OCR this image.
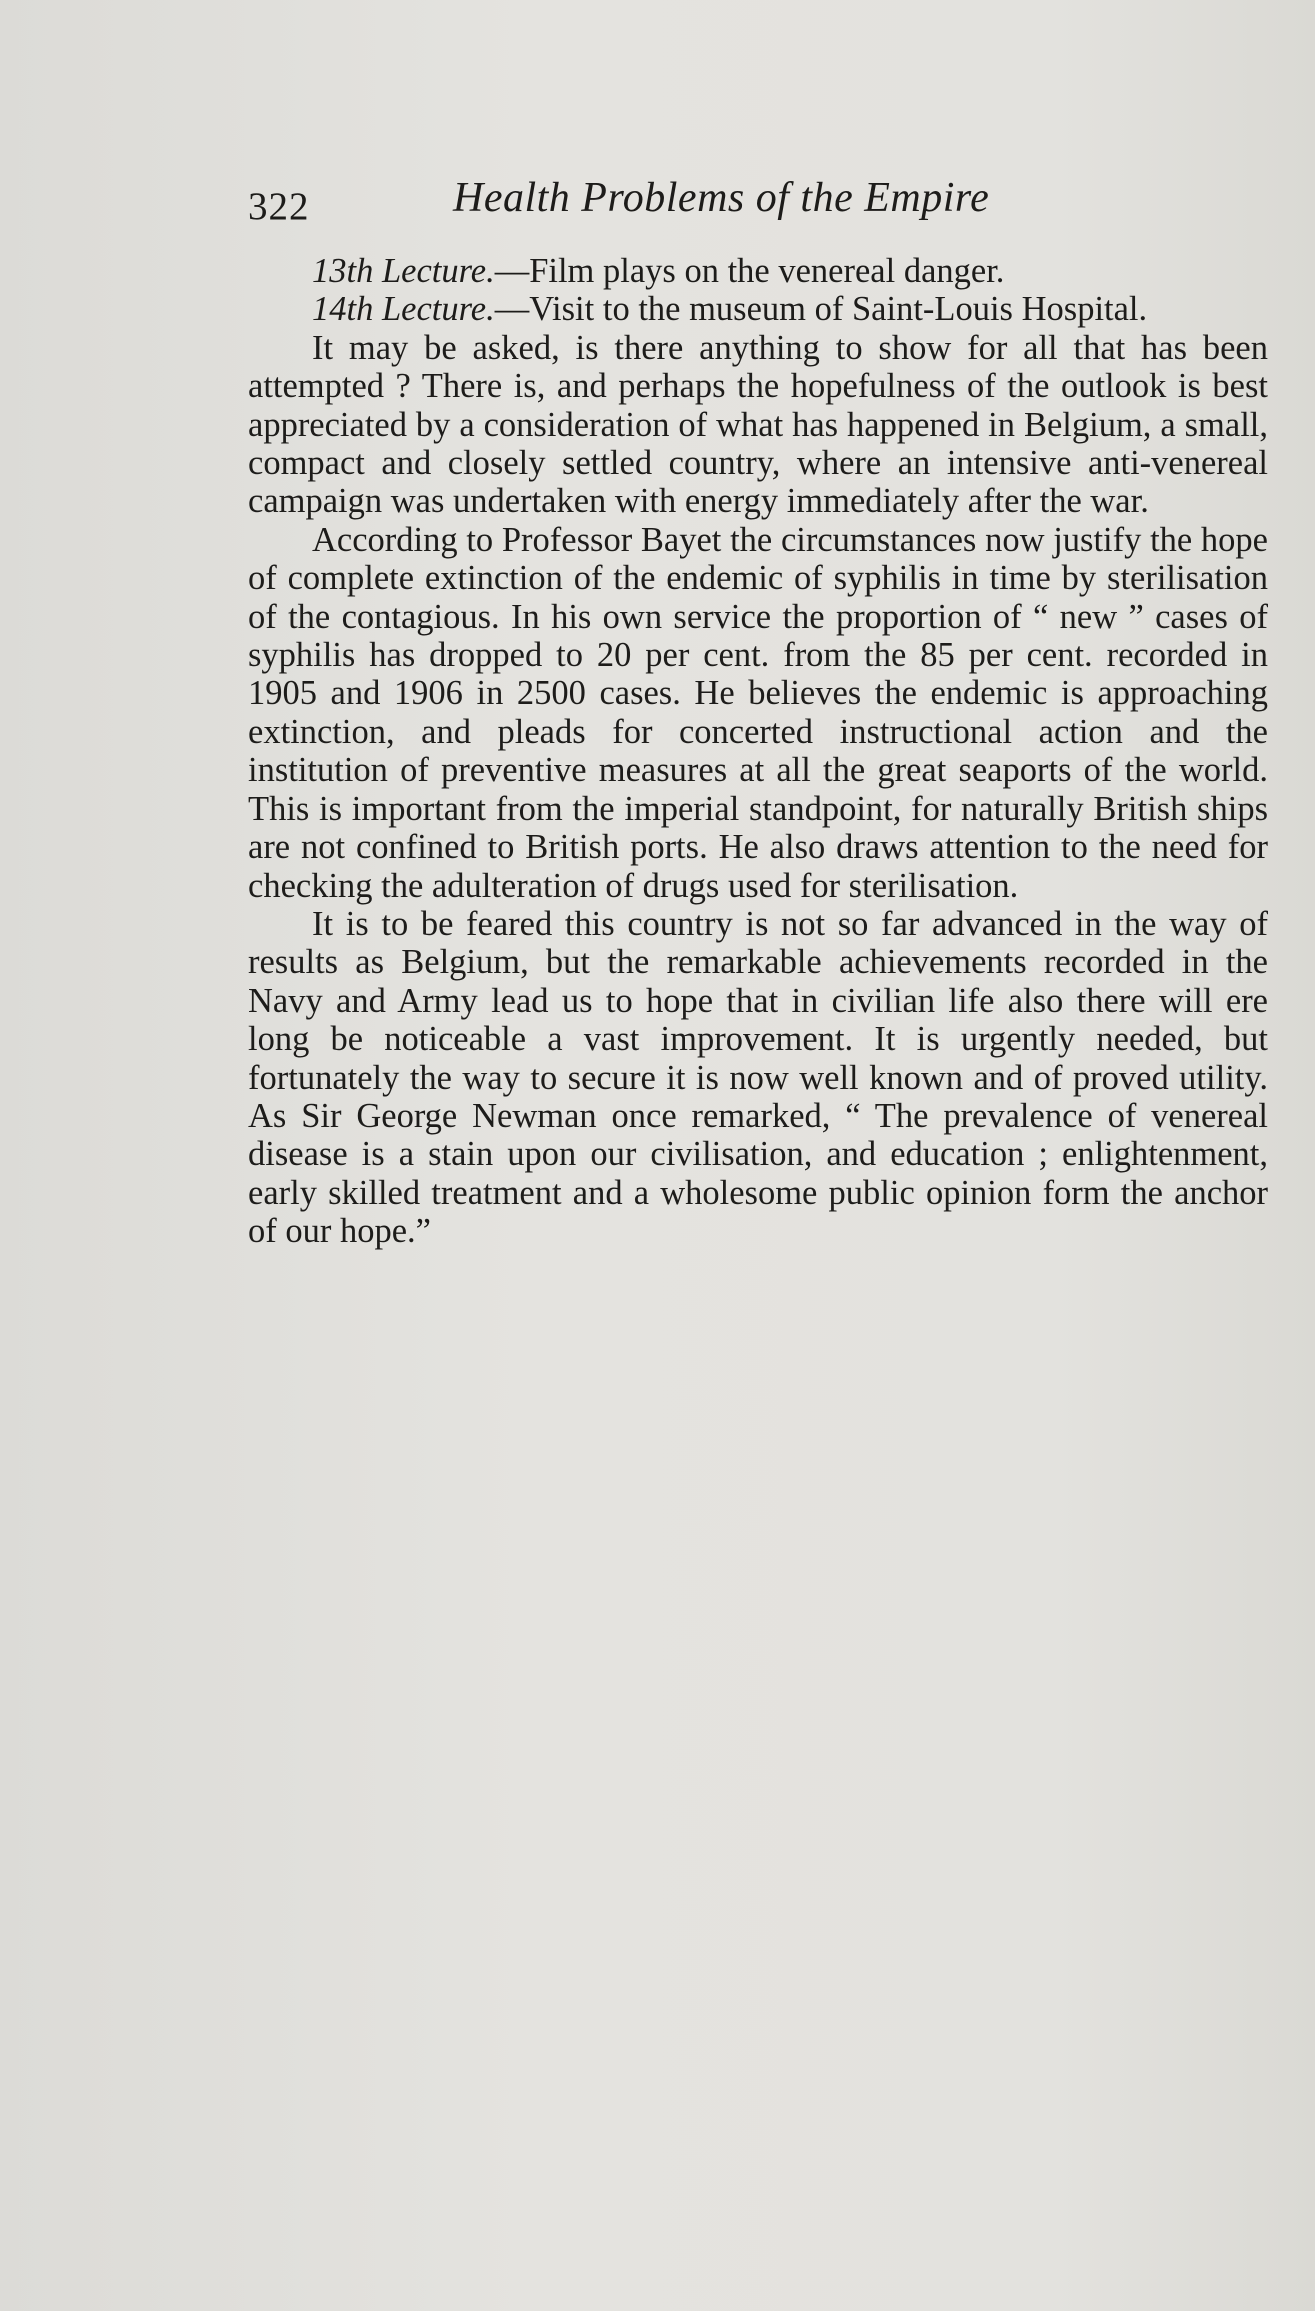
322	Health Problems of the Empire

13th Lecture.—Film plays on the venereal danger.

14th Lecture.—Visit to the museum of Saint-Louis Hospital.

It may be asked, is there anything to show for all that has been attempted ? There is, and perhaps the hopefulness of the outlook is best appreciated by a consideration of what has happened in Belgium, a small, compact and closely settled country, where an intensive anti-venereal campaign was undertaken with energy immediately after the war.

According to Professor Bayet the circumstances now justify the hope of complete extinction of the endemic of syphilis in time by sterilisation of the contagious. In his own service the proportion of “ new ” cases of syphilis has dropped to 20 per cent. from the 85 per cent. recorded in 1905 and 1906 in 2500 cases. He believes the endemic is approaching extinction, and pleads for concerted instructional action and the institution of preventive measures at all the great seaports of the world. This is important from the imperial standpoint, for naturally British ships are not confined to British ports. He also draws attention to the need for checking the adulteration of drugs used for sterilisation.

It is to be feared this country is not so far advanced in the way of results as Belgium, but the remarkable achievements recorded in the Navy and Army lead us to hope that in civilian life also there will ere long be noticeable a vast improvement. It is urgently needed, but fortunately the way to secure it is now well known and of proved utility. As Sir George Newman once remarked, “ The prevalence of venereal disease is a stain upon our civilisation, and education ; enlightenment, early skilled treatment and a wholesome public opinion form the anchor of our hope.”
